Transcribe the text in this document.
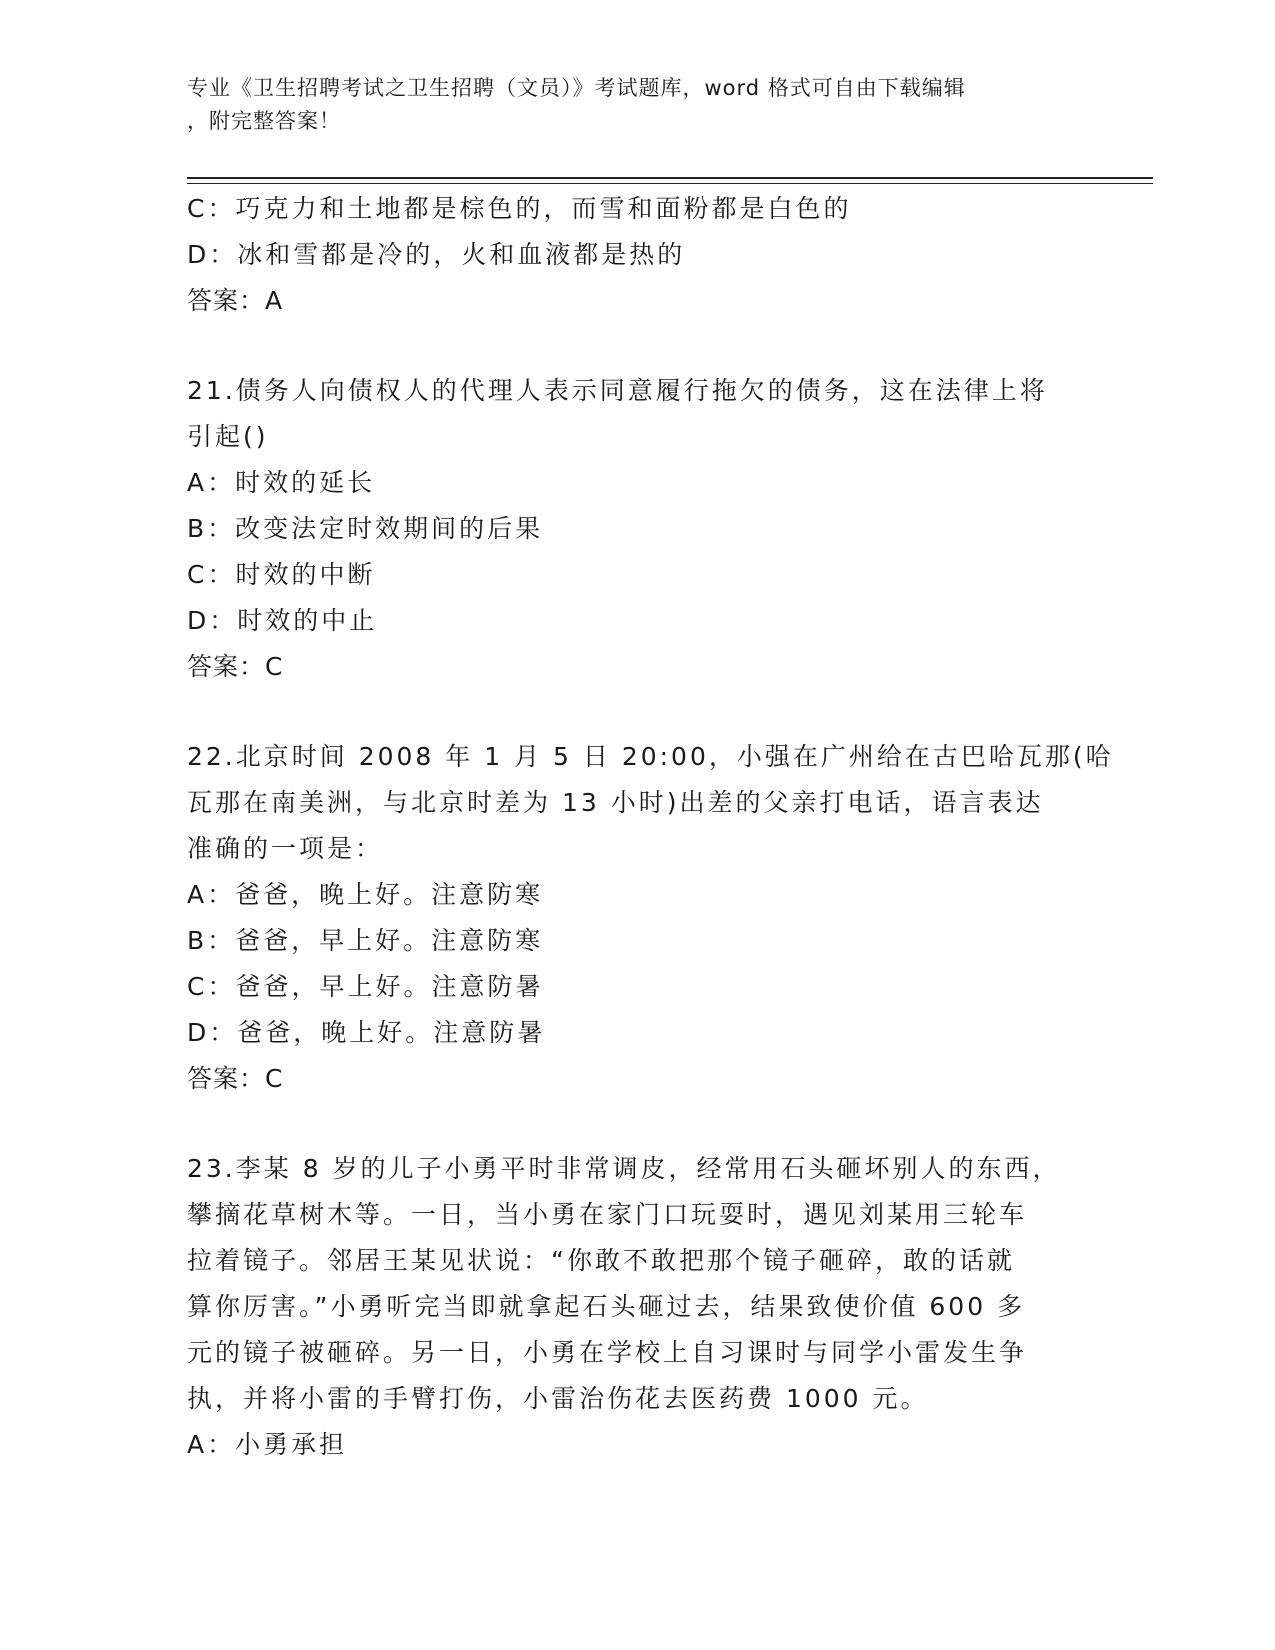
专业《卫生招聘考试之卫生招聘（文员）》考试题库，word 格式可自由下载编辑
，附完整答案！
C：巧克力和土地都是棕色的，而雪和面粉都是白色的
D：冰和雪都是冷的，火和血液都是热的
答案：A
21.债务人向债权人的代理人表示同意履行拖欠的债务，这在法律上将
引起()
A：时效的延长
B：改变法定时效期间的后果
C：时效的中断
D：时效的中止
答案：C
22.北京时间 2008 年 1 月 5 日 20:00，小强在广州给在古巴哈瓦那(哈
瓦那在南美洲，与北京时差为 13 小时)出差的父亲打电话，语言表达
准确的一项是：
A：爸爸，晚上好。注意防寒
B：爸爸，早上好。注意防寒
C：爸爸，早上好。注意防暑
D：爸爸，晚上好。注意防暑
答案：C
23.李某 8 岁的儿子小勇平时非常调皮，经常用石头砸坏别人的东西，
攀摘花草树木等。一日，当小勇在家门口玩耍时，遇见刘某用三轮车
拉着镜子。邻居王某见状说：“你敢不敢把那个镜子砸碎，敢的话就
算你厉害。”小勇听完当即就拿起石头砸过去，结果致使价值 600 多
元的镜子被砸碎。另一日，小勇在学校上自习课时与同学小雷发生争
执，并将小雷的手臂打伤，小雷治伤花去医药费 1000 元。
A：小勇承担
